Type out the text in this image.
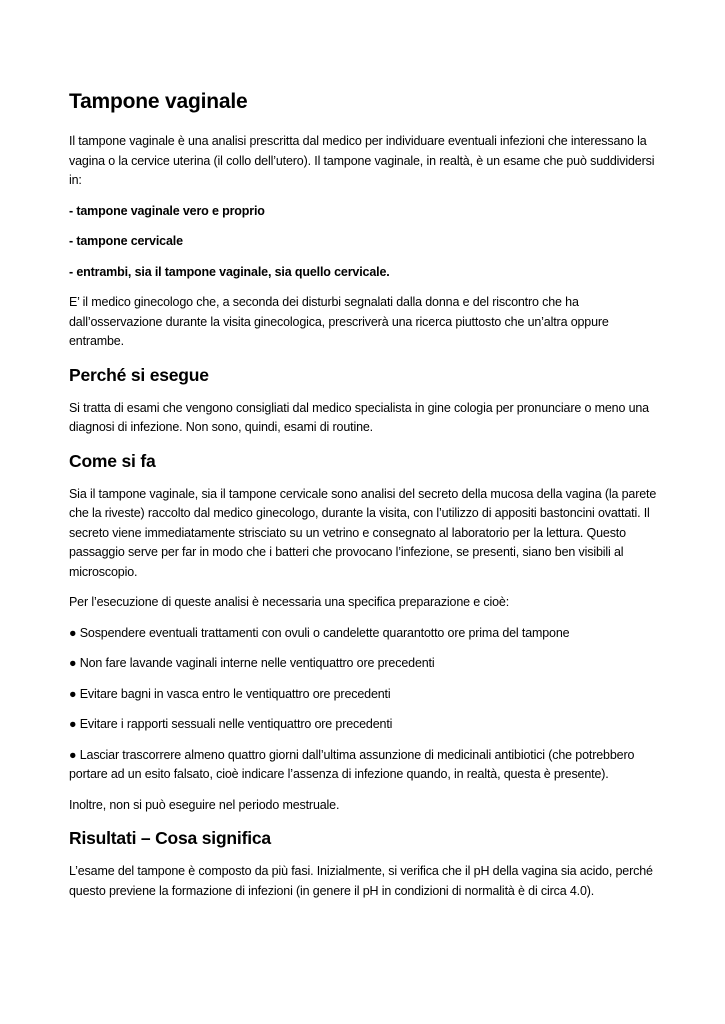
Tampone vaginale

Il tampone vaginale è una analisi prescritta dal medico per individuare eventuali infezioni che interessano la vagina o la cervice uterina (il collo dell’utero). Il tampone vaginale, in realtà, è un esame che può suddividersi in:

- tampone vaginale vero e proprio

- tampone cervicale

- entrambi, sia il tampone vaginale, sia quello cervicale.

E’ il medico ginecologo che, a seconda dei disturbi segnalati dalla donna e del riscontro che ha dall’osservazione durante la visita ginecologica, prescriverà una ricerca piuttosto che un’altra oppure entrambe.

Perché si esegue

Si tratta di esami che vengono consigliati dal medico specialista in gine cologia per pronunciare o meno una diagnosi di infezione. Non sono, quindi, esami di routine.

Come si fa

Sia il tampone vaginale, sia il tampone cervicale sono analisi del secreto della mucosa della vagina (la parete che la riveste) raccolto dal medico ginecologo, durante la visita, con l’utilizzo di appositi bastoncini ovattati. Il secreto viene immediatamente strisciato su un vetrino e consegnato al laboratorio per la lettura. Questo passaggio serve per far in modo che i batteri che provocano l’infezione, se presenti, siano ben visibili al microscopio.

Per l’esecuzione di queste analisi è necessaria una specifica preparazione e cioè:

● Sospendere eventuali trattamenti con ovuli o candelette quarantotto ore prima del tampone

● Non fare lavande vaginali interne nelle ventiquattro ore precedenti

● Evitare bagni in vasca entro le ventiquattro ore precedenti

● Evitare i rapporti sessuali nelle ventiquattro ore precedenti

● Lasciar trascorrere almeno quattro giorni dall’ultima assunzione di medicinali antibiotici (che potrebbero portare ad un esito falsato, cioè indicare l’assenza di infezione quando, in realtà, questa è presente).

Inoltre, non si può eseguire nel periodo mestruale.

Risultati – Cosa significa

L’esame del tampone è composto da più fasi. Inizialmente, si verifica che il pH della vagina sia acido, perché questo previene la formazione di infezioni (in genere il pH in condizioni di normalità è di circa 4.0).
